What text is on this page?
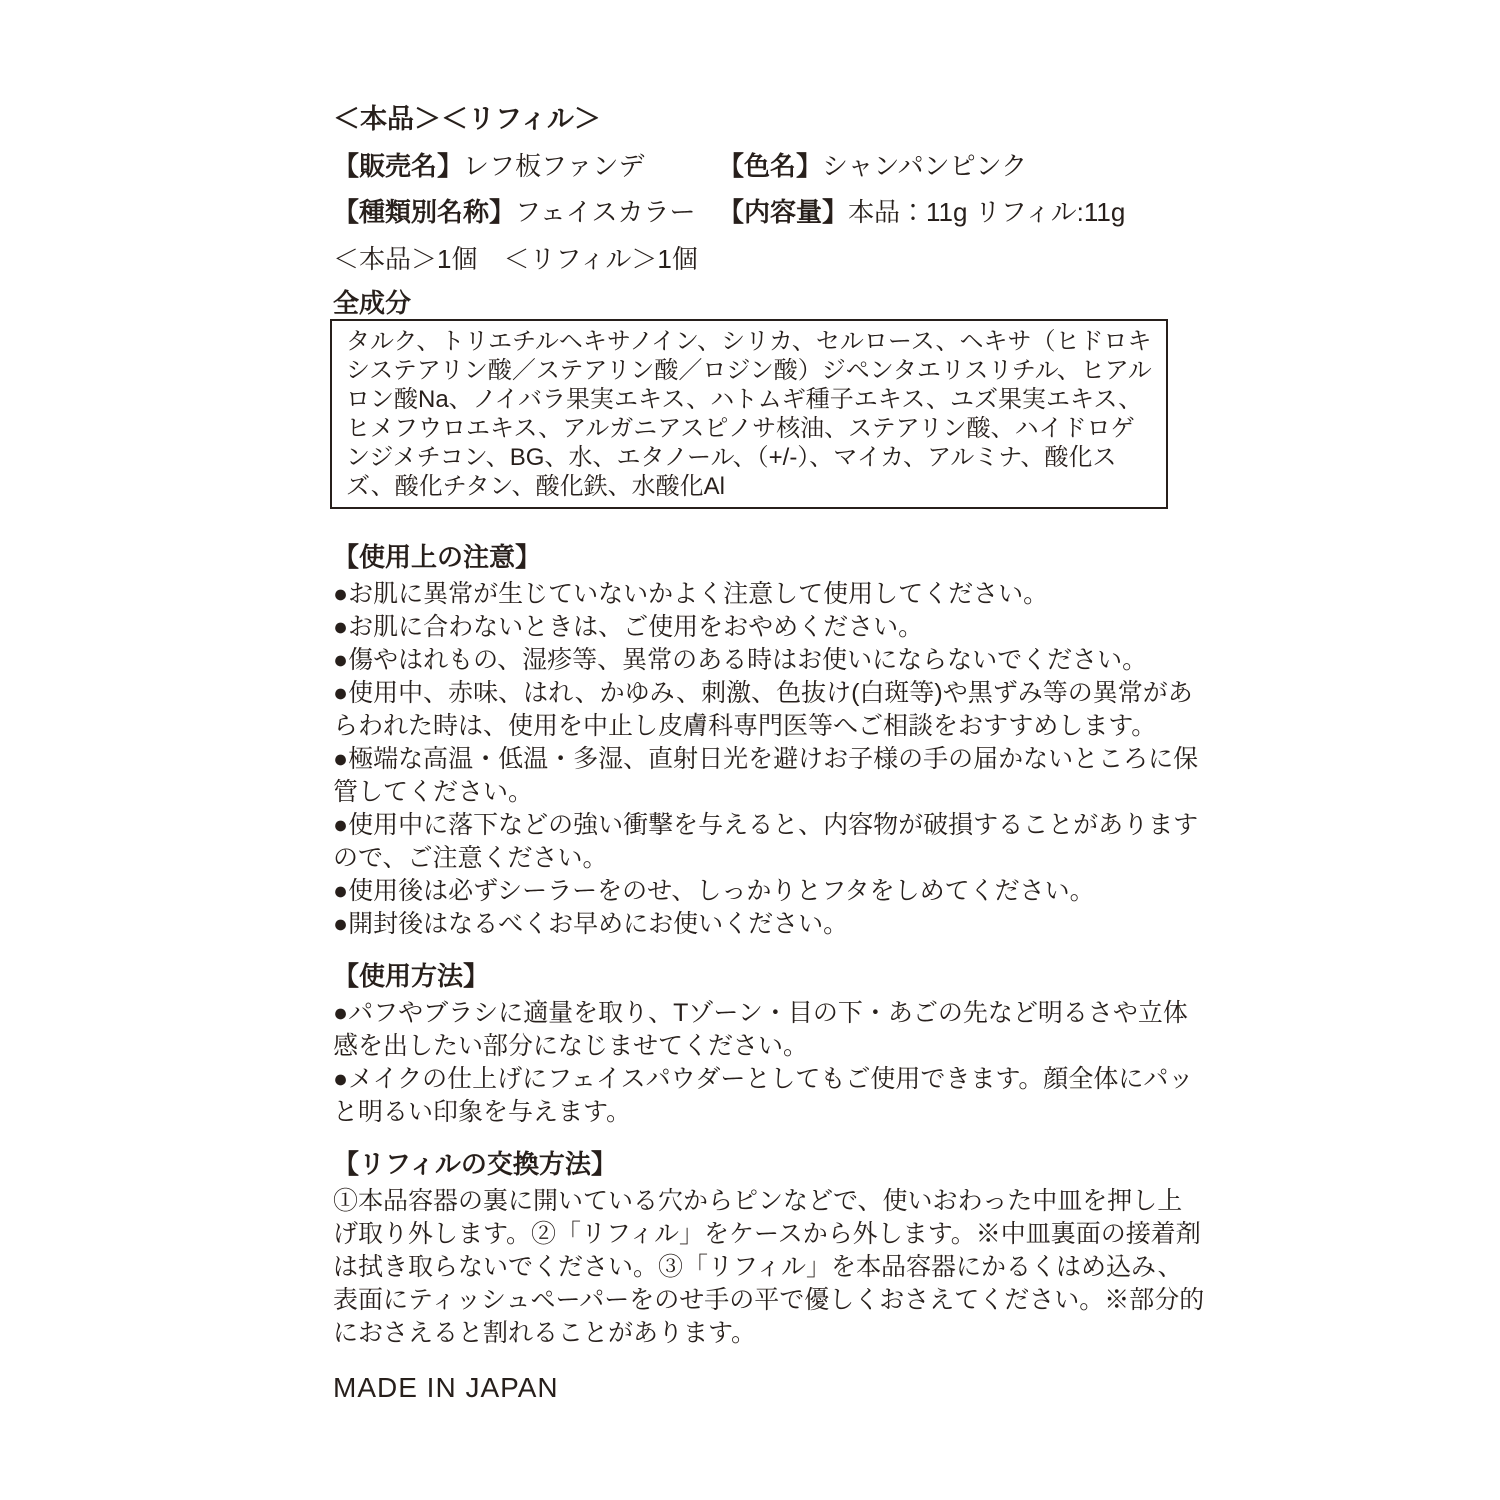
＜本品＞＜リフィル＞
【販売名】レフ板ファンデ	【色名】シャンパンピンク
【種類別名称】フェイスカラー 【内容量】本品：11g リフィル:11g
＜本品＞1個　＜リフィル＞1個
全成分

タルク、トリエチルヘキサノイン、シリカ、セルロース、ヘキサ（ヒドロキシステアリン酸／ステアリン酸／ロジン酸）ジペンタエリスリチル、ヒアルロン酸Na、ノイバラ果実エキス、ハトムギ種子エキス、ユズ果実エキス、ヒメフウロエキス、アルガニアスピノサ核油、ステアリン酸、ハイドロゲンジメチコン、BG、水、エタノール、（+/-）、マイカ、アルミナ、酸化スズ、酸化チタン、酸化鉄、水酸化Al

【使用上の注意】

●お肌に異常が生じていないかよく注意して使用してください。

●お肌に合わないときは、ご使用をおやめください。

●傷やはれもの、湿疹等、異常のある時はお使いにならないでください。

●使用中、赤味、はれ、かゆみ、刺激、色抜け(白斑等)や黒ずみ等の異常があらわれた時は、使用を中止し皮膚科専門医等へご相談をおすすめします。

●極端な高温・低温・多湿、直射日光を避けお子様の手の届かないところに保管してください。

●使用中に落下などの強い衝撃を与えると、内容物が破損することがありますので、ご注意ください。

●使用後は必ずシーラーをのせ、しっかりとフタをしめてください。

●開封後はなるべくお早めにお使いください。

【使用方法】

●パフやブラシに適量を取り、Tゾーン・目の下・あごの先など明るさや立体感を出したい部分になじませてください。

●メイクの仕上げにフェイスパウダーとしてもご使用できます。顔全体にパッと明るい印象を与えます。

【リフィルの交換方法】

①本品容器の裏に開いている穴からピンなどで、使いおわった中皿を押し上げ取り外します。②「リフィル」をケースから外します。※中皿裏面の接着剤は拭き取らないでください。③「リフィル」を本品容器にかるくはめ込み、表面にティッシュペーパーをのせ手の平で優しくおさえてください。※部分的におさえると割れることがあります。

MADE IN JAPAN
